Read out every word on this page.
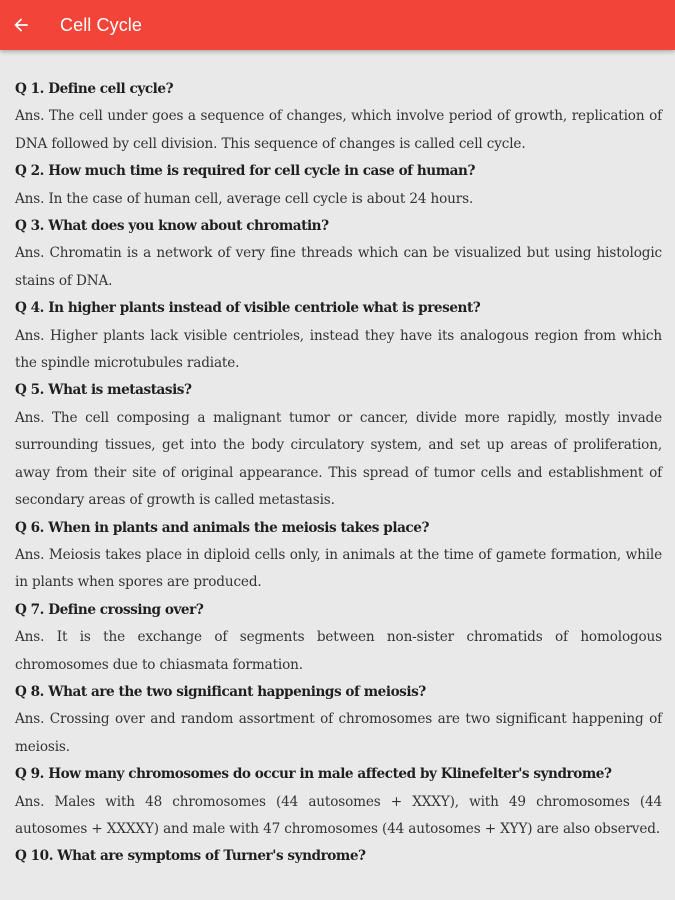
Cell Cycle
Q 1. Define cell cycle?
Ans. The cell under goes a sequence of changes, which involve period of growth, replication of DNA followed by cell division. This sequence of changes is called cell cycle.
Q 2. How much time is required for cell cycle in case of human?
Ans. In the case of human cell, average cell cycle is about 24 hours.
Q 3. What does you know about chromatin?
Ans. Chromatin is a network of very fine threads which can be visualized but using histologic stains of DNA.
Q 4. In higher plants instead of visible centriole what is present?
Ans. Higher plants lack visible centrioles, instead they have its analogous region from which the spindle microtubules radiate.
Q 5. What is metastasis?
Ans. The cell composing a malignant tumor or cancer, divide more rapidly, mostly invade surrounding tissues, get into the body circulatory system, and set up areas of proliferation, away from their site of original appearance. This spread of tumor cells and establishment of secondary areas of growth is called metastasis.
Q 6. When in plants and animals the meiosis takes place?
Ans. Meiosis takes place in diploid cells only, in animals at the time of gamete formation, while in plants when spores are produced.
Q 7. Define crossing over?
Ans. It is the exchange of segments between non-sister chromatids of homologous chromosomes due to chiasmata formation.
Q 8. What are the two significant happenings of meiosis?
Ans. Crossing over and random assortment of chromosomes are two significant happening of meiosis.
Q 9. How many chromosomes do occur in male affected by Klinefelter's syndrome?
Ans. Males with 48 chromosomes (44 autosomes + XXXY), with 49 chromosomes (44 autosomes + XXXXY) and male with 47 chromosomes (44 autosomes + XYY) are also observed.
Q 10. What are symptoms of Turner's syndrome?
